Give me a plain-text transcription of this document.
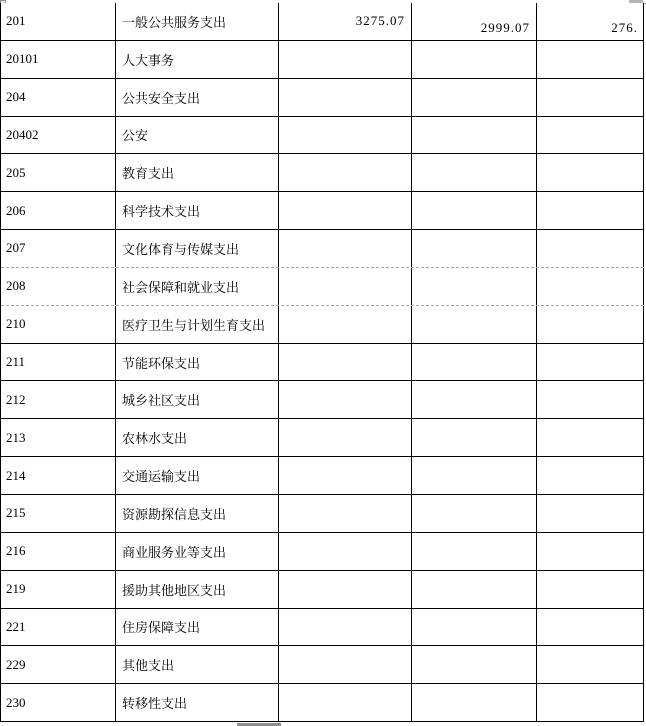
201	一般公共服务支出	3275.07	2999.07	276.
20101	人大事务
204	公共安全支出
20402	公安
205	教育支出
206	科学技术支出
207	文化体育与传媒支出
208	社会保障和就业支出
210	医疗卫生与计划生育支出
211	节能环保支出
212	城乡社区支出
213	农林水支出
214	交通运输支出
215	资源勘探信息支出
216	商业服务业等支出
219	援助其他地区支出
221	住房保障支出
229	其他支出
230	转移性支出
